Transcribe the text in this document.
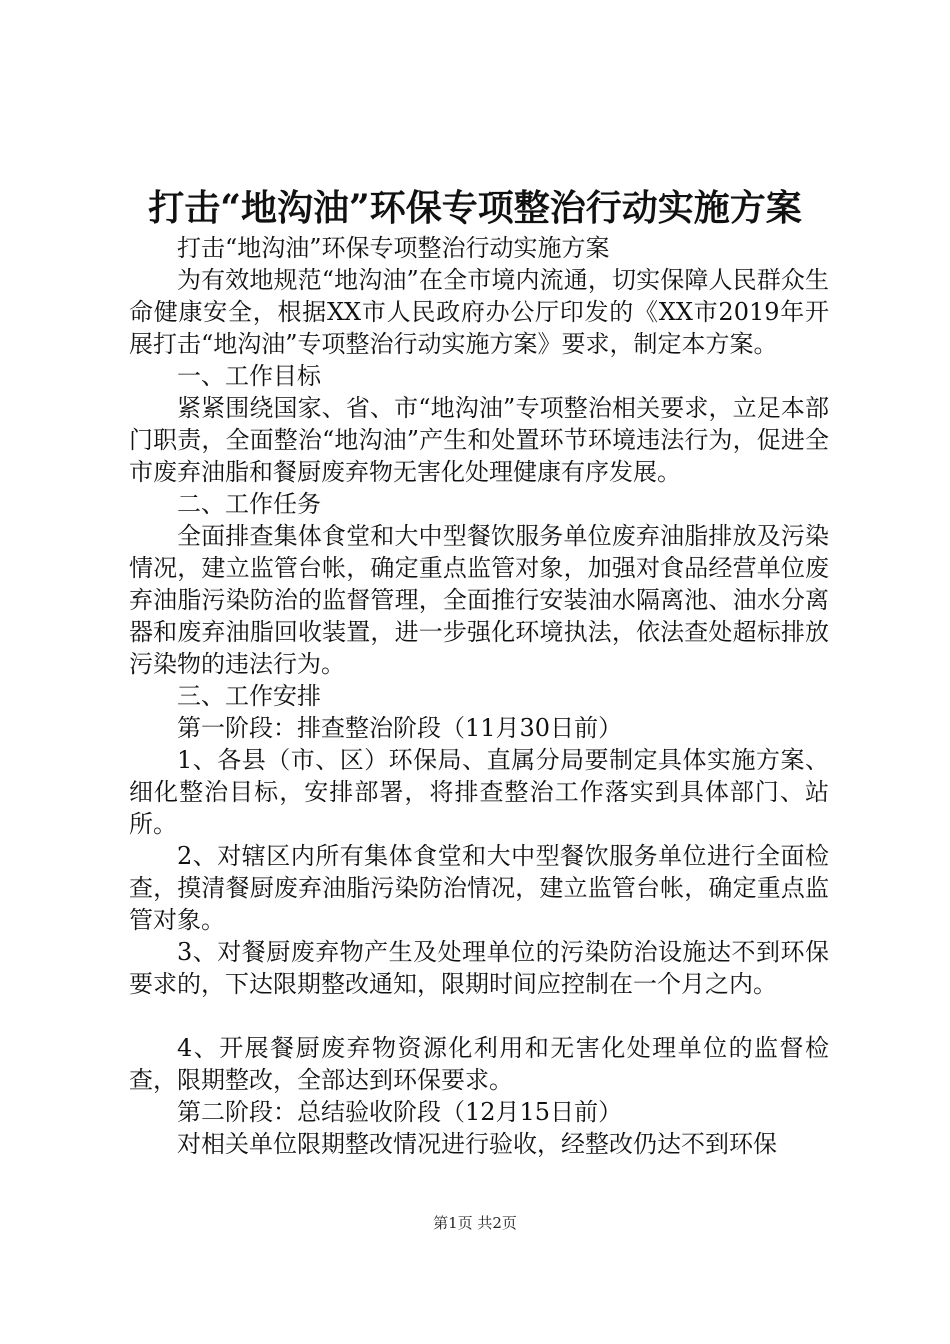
打击“地沟油”环保专项整治行动实施方案

打击“地沟油”环保专项整治行动实施方案

为有效地规范“地沟油”在全市境内流通，切实保障人民群众生命健康安全，根据XX市人民政府办公厅印发的《XX市2019年开展打击“地沟油”专项整治行动实施方案》要求，制定本方案。

一、工作目标

紧紧围绕国家、省、市“地沟油”专项整治相关要求，立足本部门职责，全面整治“地沟油”产生和处置环节环境违法行为，促进全市废弃油脂和餐厨废弃物无害化处理健康有序发展。

二、工作任务

全面排查集体食堂和大中型餐饮服务单位废弃油脂排放及污染情况，建立监管台帐，确定重点监管对象，加强对食品经营单位废弃油脂污染防治的监督管理，全面推行安装油水隔离池、油水分离器和废弃油脂回收装置，进一步强化环境执法，依法查处超标排放污染物的违法行为。

三、工作安排

第一阶段：排查整治阶段（11月30日前）

1、各县（市、区）环保局、直属分局要制定具体实施方案、细化整治目标，安排部署，将排查整治工作落实到具体部门、站所。

2、对辖区内所有集体食堂和大中型餐饮服务单位进行全面检查，摸清餐厨废弃油脂污染防治情况，建立监管台帐，确定重点监管对象。

3、对餐厨废弃物产生及处理单位的污染防治设施达不到环保要求的，下达限期整改通知，限期时间应控制在一个月之内。

4、开展餐厨废弃物资源化利用和无害化处理单位的监督检查，限期整改，全部达到环保要求。

第二阶段：总结验收阶段（12月15日前）

对相关单位限期整改情况进行验收，经整改仍达不到环保

第1页 共2页
